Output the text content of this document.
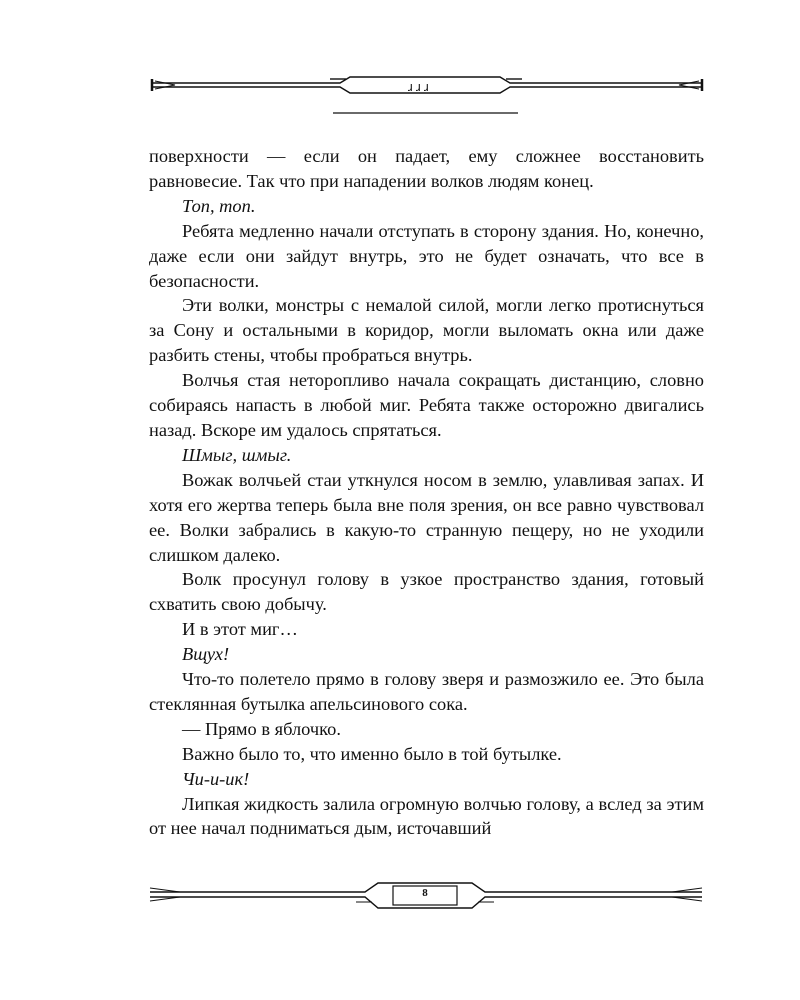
ɹɹɹ

поверхности — если он падает, ему сложнее восстановить равновесие. Так что при нападении волков людям конец.

Топ, топ.

Ребята медленно начали отступать в сторону здания. Но, конечно, даже если они зайдут внутрь, это не будет означать, что все в безопасности.

Эти волки, монстры с немалой силой, могли легко протиснуться за Сону и остальными в коридор, могли выломать окна или даже разбить стены, чтобы пробраться внутрь.

Волчья стая неторопливо начала сокращать дистанцию, словно собираясь напасть в любой миг. Ребята также осторожно двигались назад. Вскоре им удалось спрятаться.

Шмыг, шмыг.

Вожак волчьей стаи уткнулся носом в землю, улавливая запах. И хотя его жертва теперь была вне поля зрения, он все равно чувствовал ее. Волки забрались в какую-то странную пещеру, но не уходили слишком далеко.

Волк просунул голову в узкое пространство здания, готовый схватить свою добычу.

И в этот миг…

Вщух!

Что-то полетело прямо в голову зверя и размозжило ее. Это была стеклянная бутылка апельсинового сока.

— Прямо в яблочко.

Важно было то, что именно было в той бутылке.

Чи-и-ик!

Липкая жидкость залила огромную волчью голову, а вслед за этим от нее начал подниматься дым, источавший

8
